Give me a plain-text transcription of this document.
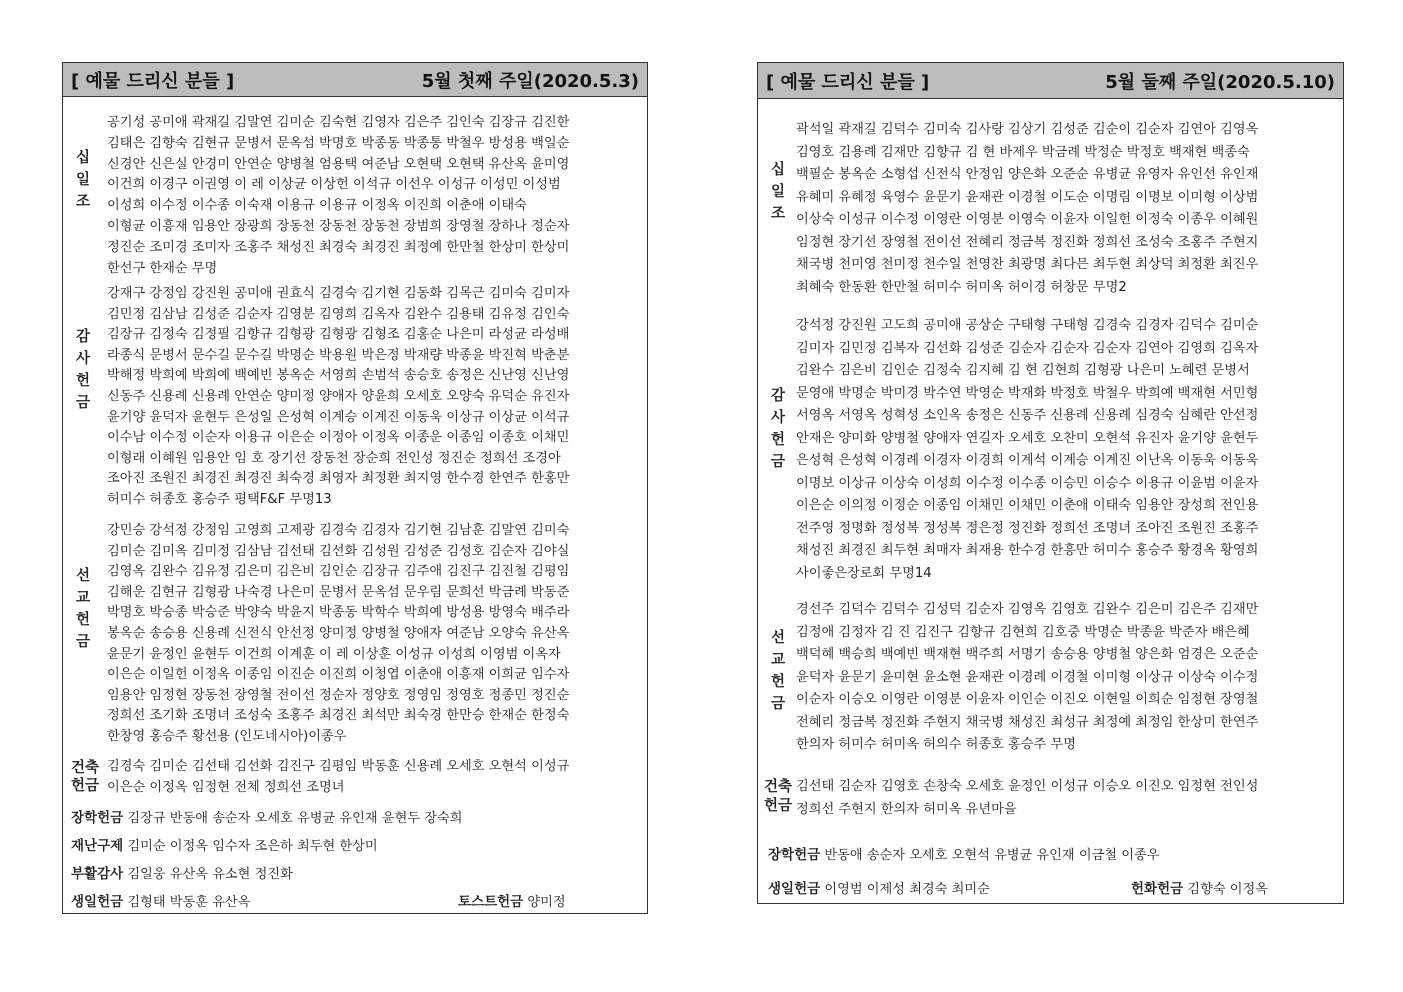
[ 예물 드리신 분들 ]	5월 첫째 주일(2020.5.3)
십
일
조
공기성 공미애 곽재길 김말연 김미순 김숙현 김영자 김은주 김인숙 김장규 김진한
김태은 김향숙 김현규 문병서 문옥섬 박명호 박종동 박종통 박철우 방성용 백일순
신경안 신은실 안경미 안연순 양병철 엄용택 여준남 오현택 오현택 유산옥 윤미영
이건희 이경구 이권영 이 레 이상균 이상헌 이석규 이선우 이성규 이성민 이성범
이성희 이수정 이수종 이숙재 이용규 이용규 이정옥 이진희 이춘애 이태숙
이형균 이흥재 임용안 장광희 장동천 장동천 장동천 장범희 장영철 장하나 정순자
정진순 조미경 조미자 조홍주 채성진 최경숙 최경진 최정예 한만철 한상미 한상미
한선구 한재순 무명
감
사
헌
금
강재구 강정임 강진원 공미애 권효식 김경숙 김기현 김동화 김목근 김미숙 김미자
김민정 김삼남 김성준 김순자 김영분 김영희 김옥자 김완수 김용태 김유정 김인숙
김장규 김정숙 김정필 김향규 김형광 김형광 김형조 김홍순 나은미 라성균 라성배
라종식 문병서 문수길 문수길 박명순 박용원 박은정 박재량 박종윤 박진혁 박춘분
박해정 박희예 박희예 백예빈 봉옥순 서영희 손범석 송승호 송정은 신난영 신난영
신동주 신용례 신용례 안연순 양미정 양애자 양윤희 오세호 오양숙 유덕순 유진자
윤기양 윤덕자 윤현두 은성일 은성혁 이계승 이계진 이동욱 이상규 이상균 이석규
이수남 이수정 이순자 이용규 이은순 이정아 이정옥 이종운 이종임 이종호 이채민
이형래 이혜원 임용안 임 호 장기선 장동천 장순희 전인성 정진순 정희선 조경아
조아진 조원진 최경진 최경진 최숙경 최영자 최정환 최지영 한수경 한연주 한홍만
허미수 허종호 홍승주 평택F&F 무명13
선
교
헌
금
강민승 강석정 강정임 고영희 고제광 김경숙 김경자 김기현 김남훈 김말연 김미숙
김미순 김미옥 김미정 김삼남 김선태 김선화 김성원 김성준 김성호 김순자 김야실
김영옥 김완수 김유정 김은미 김은비 김인순 김장규 김주애 김진구 김진철 김평임
김해운 김현규 김형광 나숙경 나은미 문병서 문옥섬 문우림 문희선 박금례 박동준
박명호 박승종 박승준 박양숙 박윤지 박종동 박학수 박희예 방성용 방영숙 배주라
봉옥순 송승용 신용례 신전식 안선정 양미정 양병철 양애자 여준남 오양숙 유산옥
윤문기 윤정인 윤현두 이건희 이계훈 이 레 이상훈 이성규 이성희 이영범 이옥자
이은순 이일헌 이정옥 이종임 이진순 이진희 이청엽 이춘애 이흥재 이희균 임수자
임용안 임정현 장동천 장영철 전이선 정순자 정양호 정영임 정영호 정종민 정진순
정희선 조기화 조명녀 조성숙 조홍주 최경진 최석만 최숙경 한만승 한재순 한정숙
한창영 홍승주 황선용 (인도네시아)이종우
건축
헌금
김경숙 김미순 김선태 김선화 김진구 김평임 박동훈 신용례 오세호 오현석 이성규
이은순 이정옥 임정현 전체 정희선 조명녀
장학헌금 김장규 반동애 송순자 오세호 유병균 유인재 윤현두 장숙희
재난구제 김미순 이정옥 임수자 조은하 최두현 한상미
부활감사 김일웅 유산옥 유소현 정진화
생일헌금 김형태 박동훈 유산옥	토스트헌금 양미정
[ 예물 드리신 분들 ]	5월 둘째 주일(2020.5.10)
십
일
조
곽석일 곽재길 김덕수 김미숙 김사랑 김상기 김성준 김순이 김순자 김연아 김영옥
김영호 김용례 김재만 김향규 김 현 바제우 박금례 박정순 박정호 백재현 백종숙
백필순 봉옥순 소형섭 신전식 안정임 양은화 오준순 유병균 유영자 유인선 유인재
유혜미 유혜정 육영수 윤문기 윤재관 이경철 이도순 이명림 이명보 이미형 이상범
이상숙 이성규 이수정 이영란 이영분 이영숙 이윤자 이일헌 이정숙 이종우 이혜원
임정현 장기선 장영철 전이선 전혜리 정금복 정진화 정희선 조성숙 조홍주 주현지
채국병 천미영 천미정 천수일 천영찬 최광명 최다믄 최두현 최상덕 최정환 최진우
최혜숙 한동환 한만철 허미수 허미옥 허이경 허창문 무명2
감
사
헌
금
강석정 강진원 고도희 공미애 공상순 구태형 구태형 김경숙 김경자 김덕수 김미순
김미자 김민정 김복자 김선화 김성준 김순자 김순자 김순자 김연아 김영희 김옥자
김완수 김은비 김인순 김정숙 김지혜 김 현 김현희 김형광 나은미 노혜련 문병서
문영애 박명순 박미경 박수연 박영순 박재화 박정호 박철우 박희예 백재현 서민형
서영옥 서영옥 성혁성 소인옥 송정은 신동주 신용례 신용례 심경숙 심혜란 안선정
안재은 양미화 양병철 양애자 연길자 오세호 오찬미 오현석 유진자 윤기양 윤현두
은성혁 은성혁 이경례 이경자 이경희 이계석 이계승 이계진 이난옥 이동욱 이동욱
이명보 이상규 이상숙 이성희 이수정 이수종 이승민 이승수 이용규 이윤범 이윤자
이은순 이의정 이정순 이종임 이채민 이채민 이춘애 이태숙 임용안 장성희 전인용
전주영 정명화 정성복 정성복 정은정 정진화 정희선 조명녀 조아진 조원진 조홍주
채성진 최경진 최두현 최매자 최재용 한수경 한흥만 허미수 홍승주 황경옥 황영희
사이좋은장로회 무명14
선
교
헌
금
경선주 김덕수 김덕수 김성덕 김순자 김영옥 김영호 김완수 김은미 김은주 김재만
김정애 김정자 김 진 김진구 김향규 김현희 김호중 박명순 박종윤 박준자 배은혜
백덕혜 백승희 백예빈 백재현 백주희 서명기 송승용 양병철 양은화 엄경은 오준순
윤덕자 윤문기 윤미현 윤소현 윤재관 이경례 이경철 이미형 이상규 이상숙 이수정
이순자 이승오 이영란 이영분 이윤자 이인순 이진오 이현일 이희순 임정현 장영철
전혜리 정금복 정진화 주현지 채국병 채성진 최성규 최정예 최정임 한상미 한연주
한의자 허미수 허미옥 허의수 허종호 홍승주 무명
건축
헌금
김선태 김순자 김영호 손창숙 오세호 윤정인 이성규 이승오 이진오 임정현 전인성
정희선 주현지 한의자 허미옥 유년마을
장학헌금 반동애 송순자 오세호 오현석 유병균 유인재 이금철 이종우
생일헌금 이영범 이제성 최경숙 최미순	헌화헌금 김향숙 이정옥
